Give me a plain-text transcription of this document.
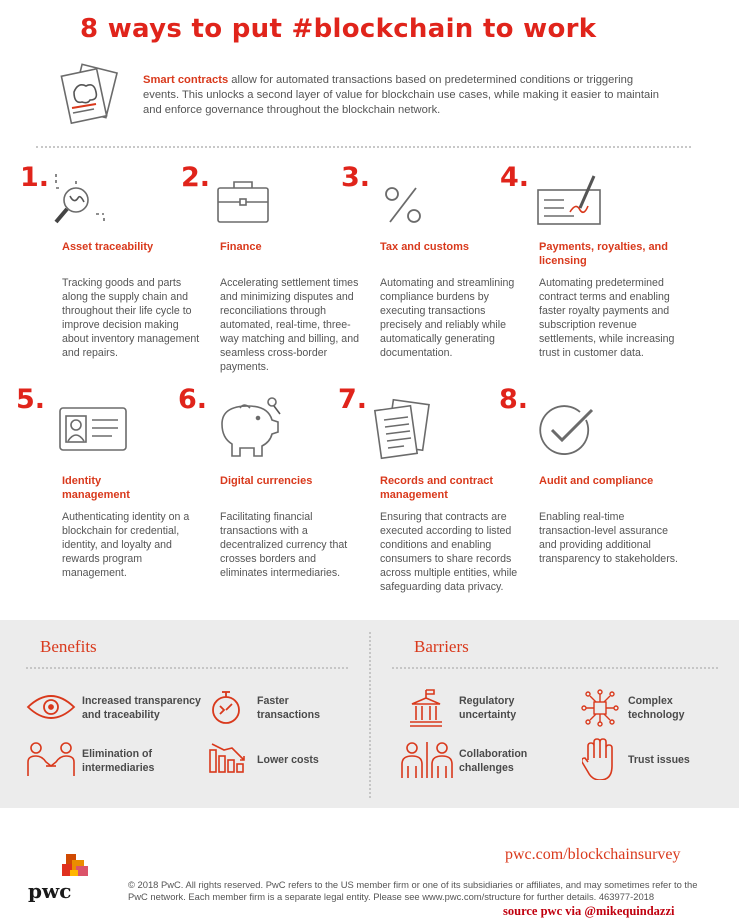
8 ways to put #blockchain to work
Smart contracts allow for automated transactions based on predetermined conditions or triggering events. This unlocks a second layer of value for blockchain use cases, while making it easier to maintain and enforce governance throughout the blockchain network.
1.
Asset traceability
Tracking goods and parts along the supply chain and throughout their life cycle to improve decision making about inventory management and repairs.
2.
Finance
Accelerating settlement times and minimizing disputes and reconciliations through automated, real-time, three-way matching and billing, and seamless cross-border payments.
3.
Tax and customs
Automating and streamlining compliance burdens by executing transactions precisely and reliably while automatically generating documentation.
4.
Payments, royalties, and licensing
Automating predetermined contract terms and enabling faster royalty payments and subscription revenue settlements, while increasing trust in customer data.
5.
Identity management
Authenticating identity on a blockchain for credential, identity, and loyalty and rewards program management.
6.
Digital currencies
Facilitating financial transactions with a decentralized currency that crosses borders and eliminates intermediaries.
7.
Records and contract management
Ensuring that contracts are executed according to listed conditions and enabling consumers to share records across multiple entities, while safeguarding data privacy.
8.
Audit and compliance
Enabling real-time transaction-level assurance and providing additional transparency to stakeholders.
Benefits	Barriers
Increased transparency and traceability
Faster transactions
Elimination of intermediaries
Lower costs
Regulatory uncertainty
Complex technology
Collaboration challenges
Trust issues
pwc
pwc.com/blockchainsurvey
© 2018 PwC. All rights reserved. PwC refers to the US member firm or one of its subsidiaries or affiliates, and may sometimes refer to the PwC network. Each member firm is a separate legal entity. Please see www.pwc.com/structure for further details. 463977-2018
source pwc via @mikequindazzi
